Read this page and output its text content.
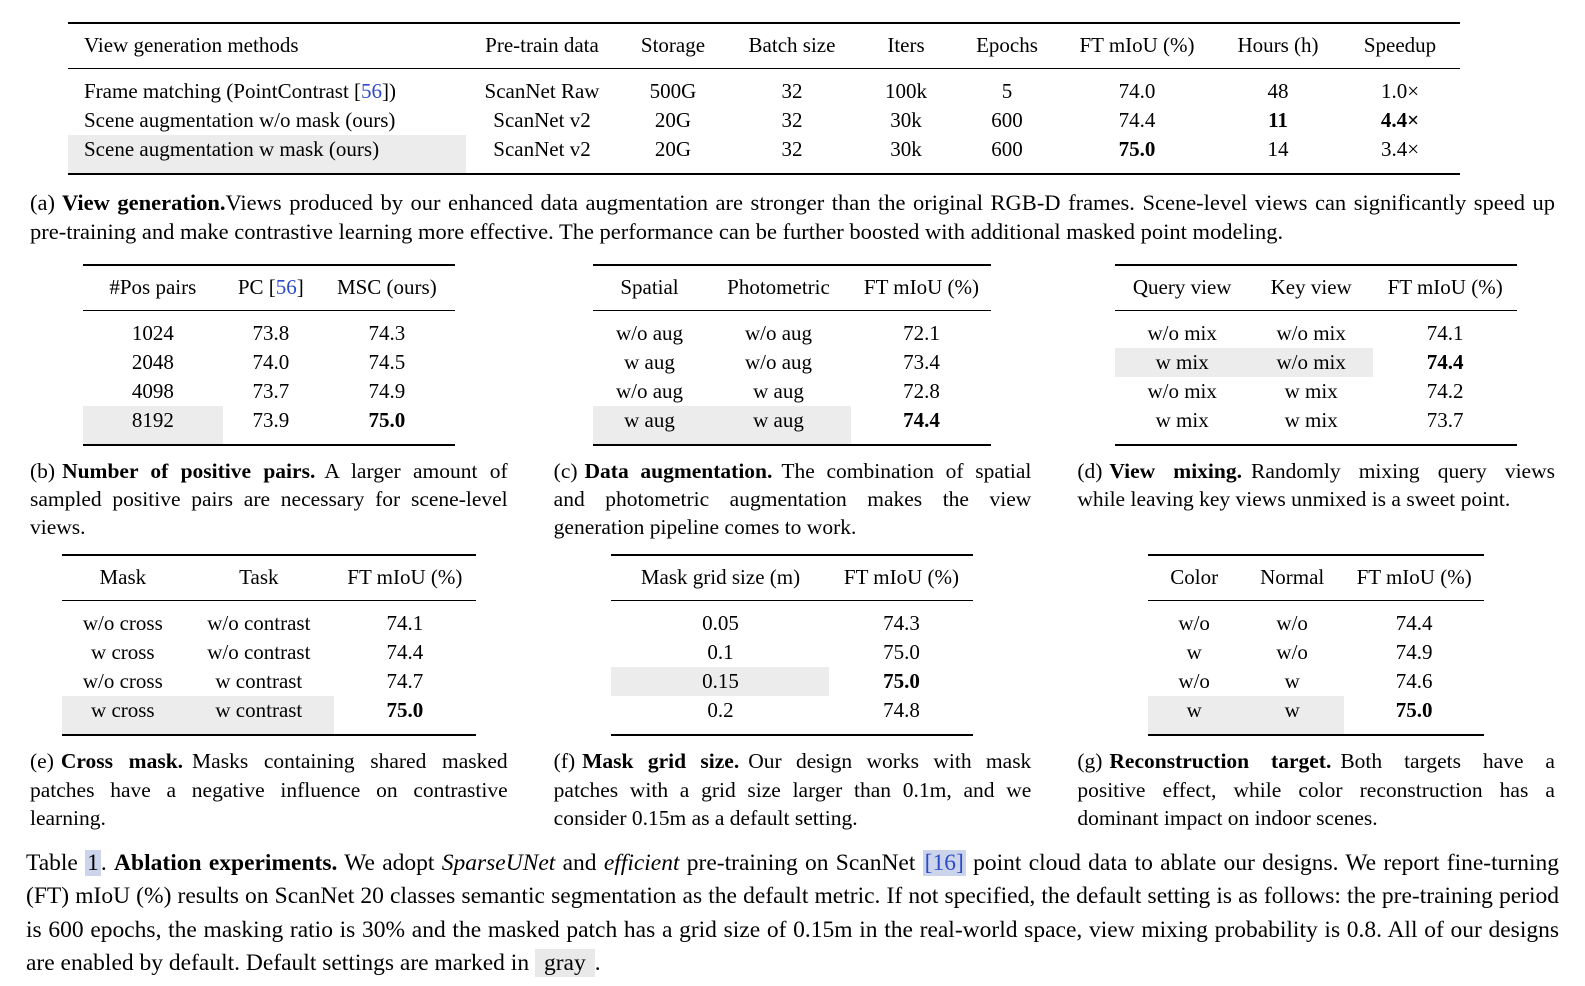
View generation methods	Pre-train data	Storage	Batch size	Iters	Epochs	FT mIoU (%)	Hours (h)	Speedup
Frame matching (PointContrast [56])	ScanNet Raw	500G	32	100k	5	74.0	48	1.0×
Scene augmentation w/o mask (ours)	ScanNet v2	20G	32	30k	600	74.4	11	4.4×
Scene augmentation w mask (ours)	ScanNet v2	20G	32	30k	600	75.0	14	3.4×
(a) View generation.Views produced by our enhanced data augmentation are stronger than the original RGB-D frames. Scene-level views can significantly speed up pre-training and make contrastive learning more effective. The performance can be further boosted with additional masked point modeling.
#Pos pairs	PC [56]	MSC (ours)
1024	73.8	74.3
2048	74.0	74.5
4098	73.7	74.9
8192	73.9	75.0
(b) Number of positive pairs. A larger amount of sampled positive pairs are necessary for scene-level views.
Spatial	Photometric	FT mIoU (%)
w/o aug	w/o aug	72.1
w aug	w/o aug	73.4
w/o aug	w aug	72.8
w aug	w aug	74.4
(c) Data augmentation. The combination of spatial and photometric augmentation makes the view generation pipeline comes to work.
Query view	Key view	FT mIoU (%)
w/o mix	w/o mix	74.1
w mix	w/o mix	74.4
w/o mix	w mix	74.2
w mix	w mix	73.7
(d) View mixing. Randomly mixing query views while leaving key views unmixed is a sweet point.
Mask	Task	FT mIoU (%)
w/o cross	w/o contrast	74.1
w cross	w/o contrast	74.4
w/o cross	w contrast	74.7
w cross	w contrast	75.0
(e) Cross mask. Masks containing shared masked patches have a negative influence on contrastive learning.
Mask grid size (m)	FT mIoU (%)
0.05	74.3
0.1	75.0
0.15	75.0
0.2	74.8
(f) Mask grid size. Our design works with mask patches with a grid size larger than 0.1m, and we consider 0.15m as a default setting.
Color	Normal	FT mIoU (%)
w/o	w/o	74.4
w	w/o	74.9
w/o	w	74.6
w	w	75.0
(g) Reconstruction target. Both targets have a positive effect, while color reconstruction has a dominant impact on indoor scenes.
Table 1. Ablation experiments. We adopt SparseUNet and efficient pre-training on ScanNet [16] point cloud data to ablate our designs. We report fine-turning (FT) mIoU (%) results on ScanNet 20 classes semantic segmentation as the default metric. If not specified, the default setting is as follows: the pre-training period is 600 epochs, the masking ratio is 30% and the masked patch has a grid size of 0.15m in the real-world space, view mixing probability is 0.8. All of our designs are enabled by default. Default settings are marked in gray .
